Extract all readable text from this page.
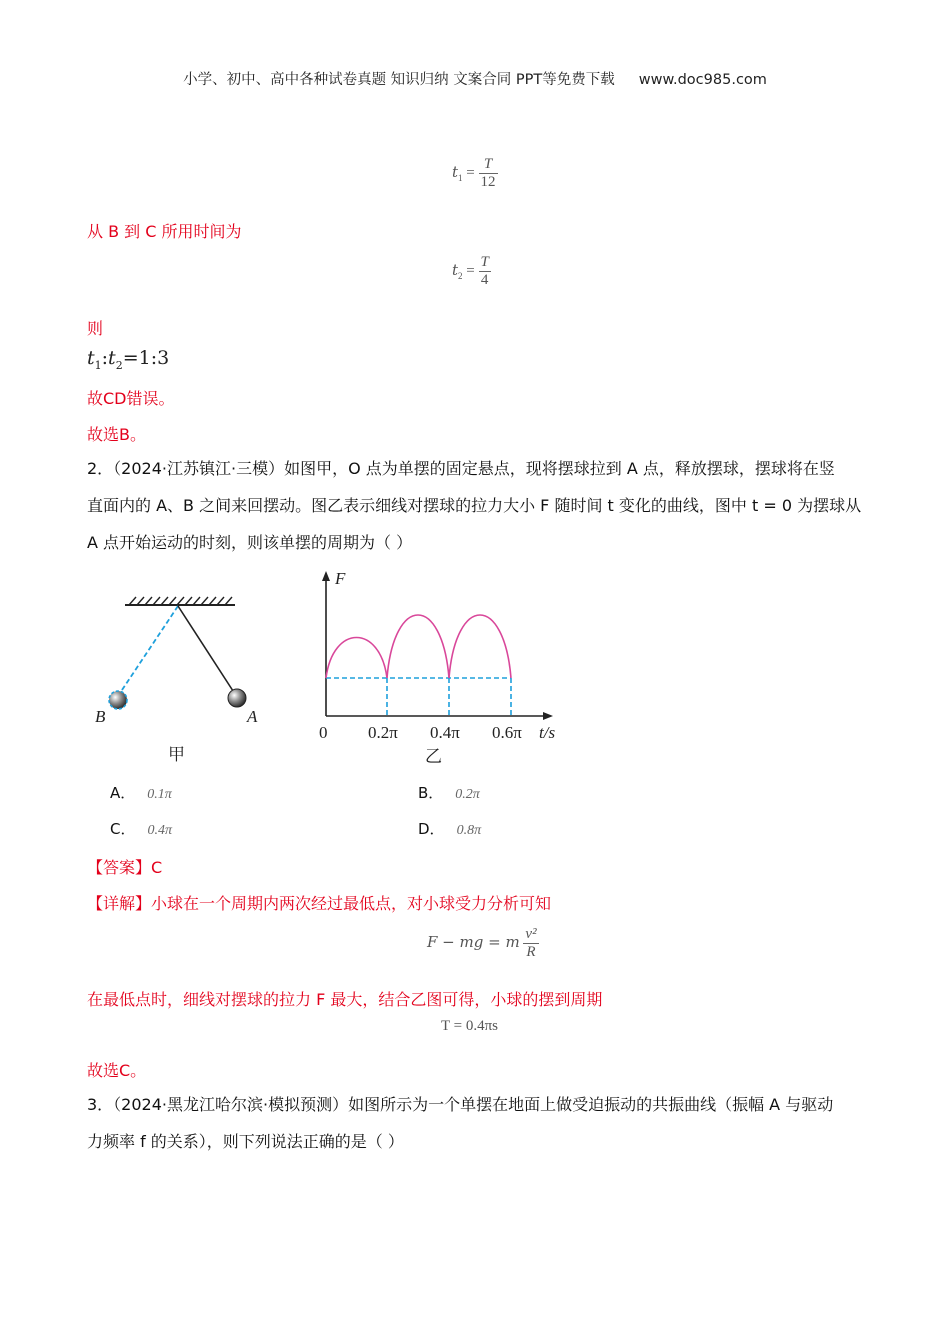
小学、初中、高中各种试卷真题 知识归纳 文案合同 PPT等免费下载 www.doc985.com
$t_1 = \frac{T}{12}$
从 B 到 C 所用时间为
$t_2 = \frac{T}{4}$
则
$t_1:t_2=1:3$
故CD错误。
故选B。
2．（2024·江苏镇江·三模）如图甲，O 点为单摆的固定悬点，现将摆球拉到 A 点，释放摆球，摆球将在竖
直面内的 A、B 之间来回摆动。图乙表示细线对摆球的拉力大小 F 随时间 t 变化的曲线，图中 t = 0 为摆球从
A 点开始运动的时刻，则该单摆的周期为（ ）
B	A
甲
F
t/s
0 0.2π 0.4π 0.6π
乙
A． 0.1π	B． 0.2π
C． 0.4π	D． 0.8π
【答案】C
【详解】小球在一个周期内两次经过最低点，对小球受力分析可知
F − mg = m $\frac{\text{v²}}{R}$
在最低点时，细线对摆球的拉力 F 最大，结合乙图可得，小球的摆到周期
T = 0.4πs
故选C。
3．（2024·黑龙江哈尔滨·模拟预测）如图所示为一个单摆在地面上做受迫振动的共振曲线（振幅 A 与驱动
力频率 f 的关系），则下列说法正确的是（ ）
